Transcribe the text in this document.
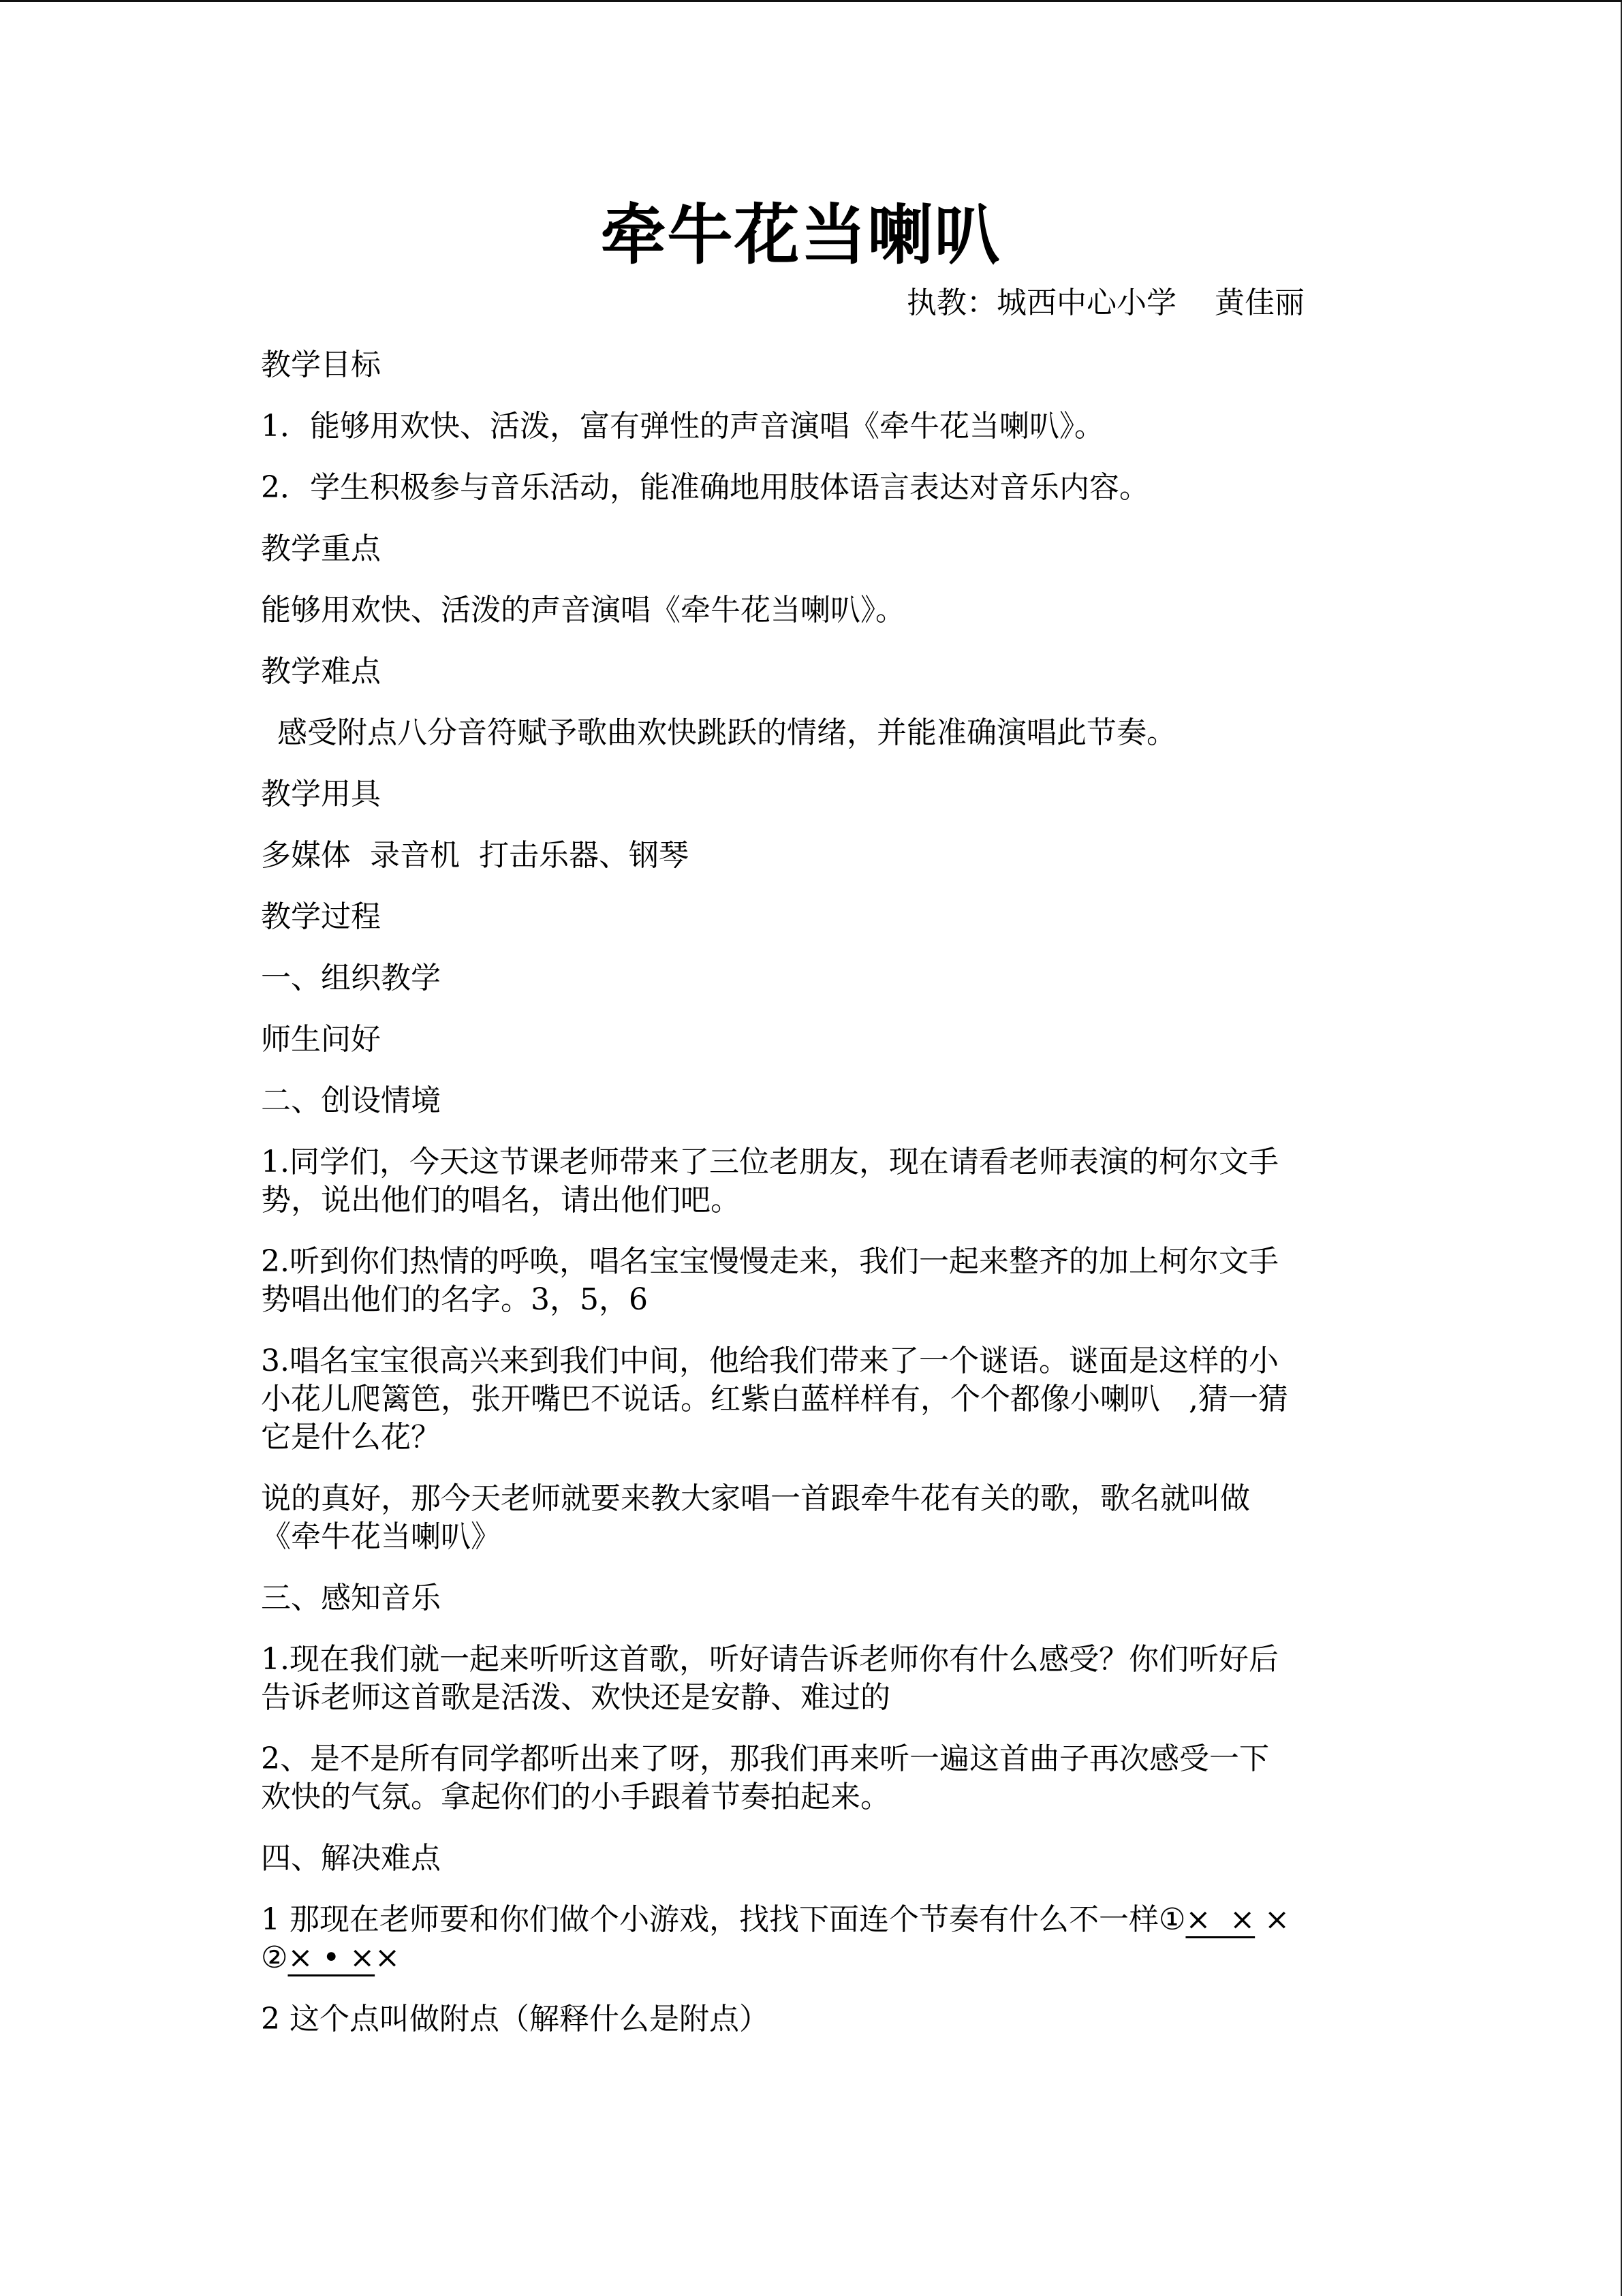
牵牛花当喇叭
执教：城西中心小学    黄佳丽

教学目标

1．能够用欢快、活泼，富有弹性的声音演唱《牵牛花当喇叭》。

2．学生积极参与音乐活动，能准确地用肢体语言表达对音乐内容。

教学重点

能够用欢快、活泼的声音演唱《牵牛花当喇叭》。

教学难点

感受附点八分音符赋予歌曲欢快跳跃的情绪，并能准确演唱此节奏。

教学用具

多媒体  录音机  打击乐器、钢琴

教学过程

一、组织教学

师生问好

二、创设情境

1.同学们，今天这节课老师带来了三位老朋友，现在请看老师表演的柯尔文手

势，说出他们的唱名，请出他们吧。

2.听到你们热情的呼唤，唱名宝宝慢慢走来，我们一起来整齐的加上柯尔文手

势唱出他们的名字。3，5，6

3.唱名宝宝很高兴来到我们中间，他给我们带来了一个谜语。谜面是这样的小

小花儿爬篱笆，张开嘴巴不说话。红紫白蓝样样有，个个都像小喇叭   ,猜一猜

它是什么花？

说的真好，那今天老师就要来教大家唱一首跟牵牛花有关的歌，歌名就叫做

《牵牛花当喇叭》

三、感知音乐

1.现在我们就一起来听听这首歌，听好请告诉老师你有什么感受？你们听好后

告诉老师这首歌是活泼、欢快还是安静、难过的

2、是不是所有同学都听出来了呀，那我们再来听一遍这首曲子再次感受一下

欢快的气氛。拿起你们的小手跟着节奏拍起来。

四、解决难点

1 那现在老师要和你们做个小游戏，找找下面连个节奏有什么不一样①×  × ×

②× • ××

2 这个点叫做附点（解释什么是附点）
